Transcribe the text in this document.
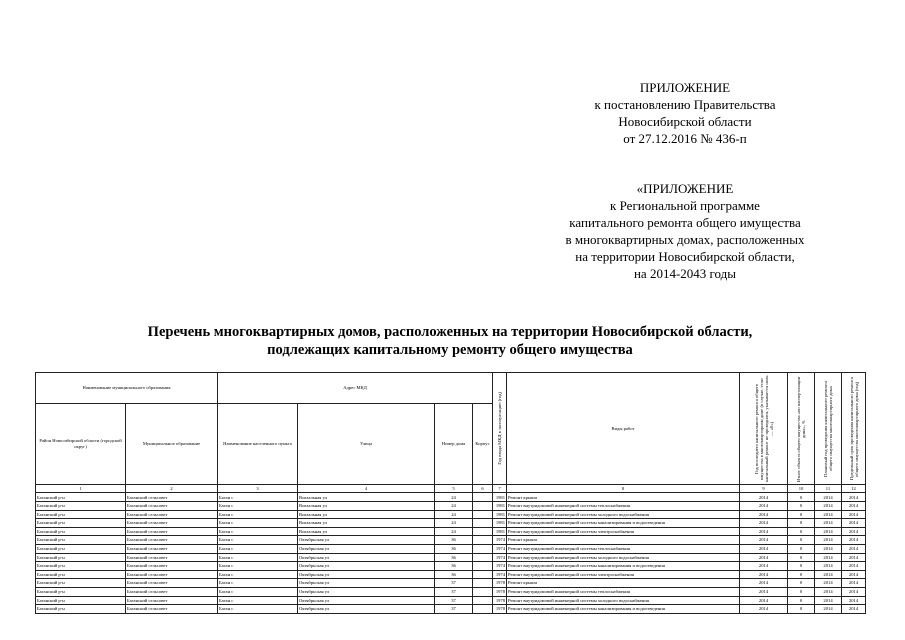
ПРИЛОЖЕНИЕ
к постановлению Правительства
Новосибирской области
от 27.12.2016 № 436-п
«ПРИЛОЖЕНИЕ
к Региональной программе
капитального ремонта общего имущества
в многоквартирных домах, расположенных
на территории Новосибирской области,
на 2014-2043 годы
Перечень многоквартирных домов, расположенных на территории Новосибирской области,
подлежащих капитальному ремонту общего имущества
Наименование муниципального образования		Адрес МКД				Год ввода МКД в эксплуатацию (год)	Виды работ	Год последнего капитального ремонта общего имущества в многоквартирном доме (в случае, если капитальный ремонт не проводился, указывается ноль — «0»)	Износ объекта общего имущества «по паспортизации дома», %	Плановый год проведения капитального ремонта общего имущества многоквартирного дома	Предельный срок проведения капитального ремонта общего имущества многоквартирного дома (год)

Район Новосибирской области (городской округ)	Муниципальное образование	Наименование населенного пункта	Улица	Номер дома	Корпус						
1	2	3	4	5	6	7	8	9	10	11	12
Баганский р-н	Баганский сельсовет	Баган с	Вокзальная ул	24		1981	Ремонт крыши	2014	0	2014	2014
Баганский р-н	Баганский сельсовет	Баган с	Вокзальная ул	24		1981	Ремонт внутридомовой инженерной системы теплоснабжения	2014	0	2014	2014
Баганский р-н	Баганский сельсовет	Баган с	Вокзальная ул	24		1981	Ремонт внутридомовой инженерной системы холодного водоснабжения	2014	0	2014	2014
Баганский р-н	Баганский сельсовет	Баган с	Вокзальная ул	24		1981	Ремонт внутридомовой инженерной системы канализирования и водоотведения	2014	0	2014	2014
Баганский р-н	Баганский сельсовет	Баган с	Вокзальная ул	24		1981	Ремонт внутридомовой инженерной системы электроснабжения	2014	0	2014	2014
Баганский р-н	Баганский сельсовет	Баган с	Октябрьская ул	36		1974	Ремонт крыши	2014	0	2014	2014
Баганский р-н	Баганский сельсовет	Баган с	Октябрьская ул	36		1974	Ремонт внутридомовой инженерной системы теплоснабжения	2014	0	2014	2014
Баганский р-н	Баганский сельсовет	Баган с	Октябрьская ул	36		1974	Ремонт внутридомовой инженерной системы холодного водоснабжения	2014	0	2014	2014
Баганский р-н	Баганский сельсовет	Баган с	Октябрьская ул	36		1974	Ремонт внутридомовой инженерной системы канализирования и водоотведения	2014	0	2014	2014
Баганский р-н	Баганский сельсовет	Баган с	Октябрьская ул	36		1974	Ремонт внутридомовой инженерной системы электроснабжения	2014	0	2014	2014
Баганский р-н	Баганский сельсовет	Баган с	Октябрьская ул	37		1978	Ремонт крыши	2014	0	2014	2014
Баганский р-н	Баганский сельсовет	Баган с	Октябрьская ул	37		1978	Ремонт внутридомовой инженерной системы теплоснабжения	2014	0	2014	2014
Баганский р-н	Баганский сельсовет	Баган с	Октябрьская ул	37		1978	Ремонт внутридомовой инженерной системы холодного водоснабжения	2014	0	2014	2014
Баганский р-н	Баганский сельсовет	Баган с	Октябрьская ул	37		1978	Ремонт внутридомовой инженерной системы канализирования и водоотведения	2014	0	2014	2014
